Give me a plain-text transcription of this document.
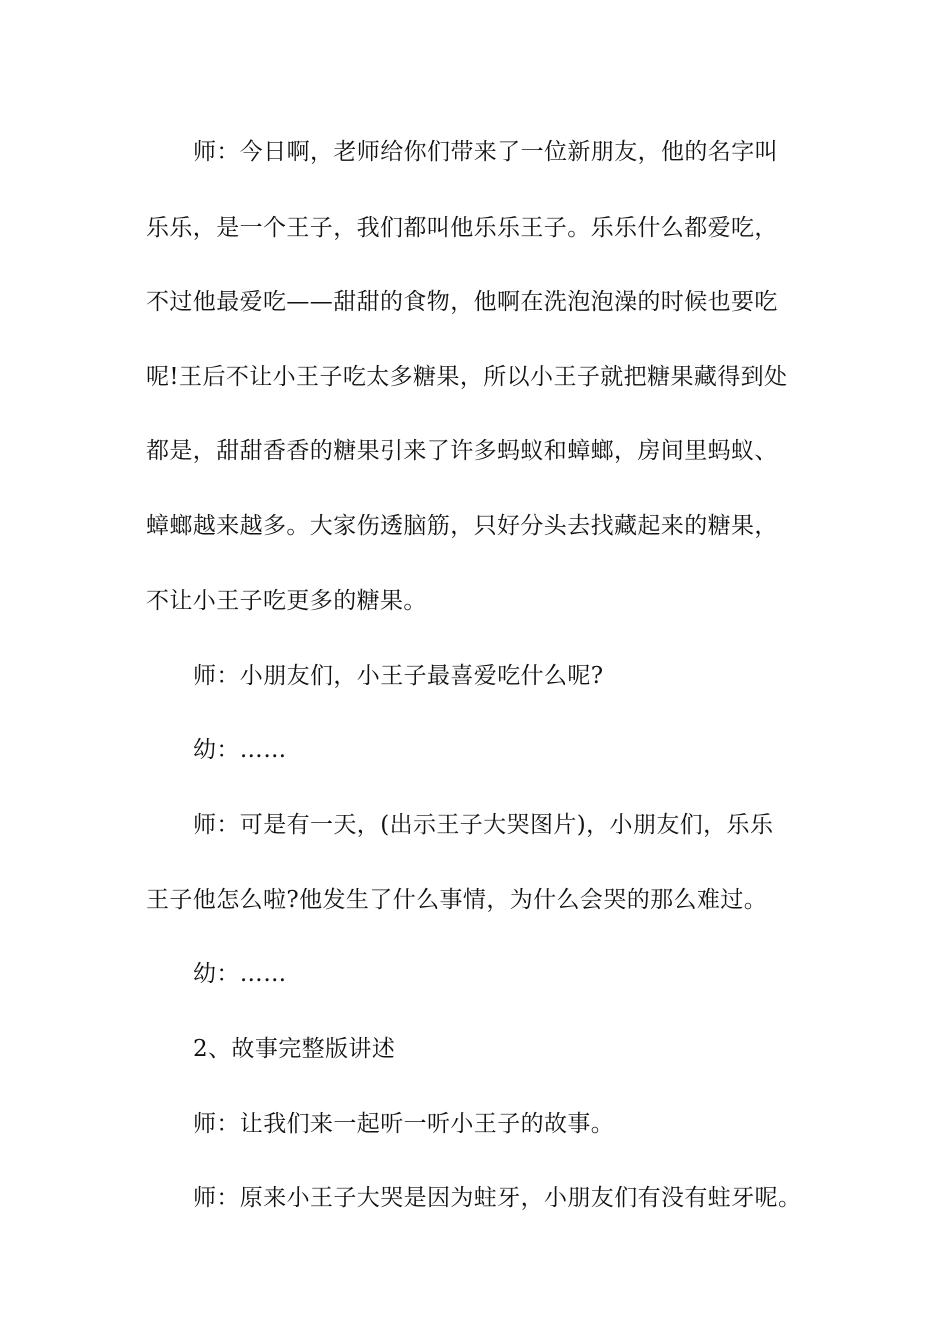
师：今日啊，老师给你们带来了一位新朋友，他的名字叫
乐乐，是一个王子，我们都叫他乐乐王子。乐乐什么都爱吃，
不过他最爱吃——甜甜的食物，他啊在洗泡泡澡的时候也要吃
呢!王后不让小王子吃太多糖果，所以小王子就把糖果藏得到处
都是，甜甜香香的糖果引来了许多蚂蚁和蟑螂，房间里蚂蚁、
蟑螂越来越多。大家伤透脑筋，只好分头去找藏起来的糖果，
不让小王子吃更多的糖果。
师：小朋友们，小王子最喜爱吃什么呢?
幼：……
师：可是有一天，(出示王子大哭图片)，小朋友们，乐乐
王子他怎么啦?他发生了什么事情，为什么会哭的那么难过。
幼：……
2、故事完整版讲述
师：让我们来一起听一听小王子的故事。
师：原来小王子大哭是因为蛀牙，小朋友们有没有蛀牙呢。
